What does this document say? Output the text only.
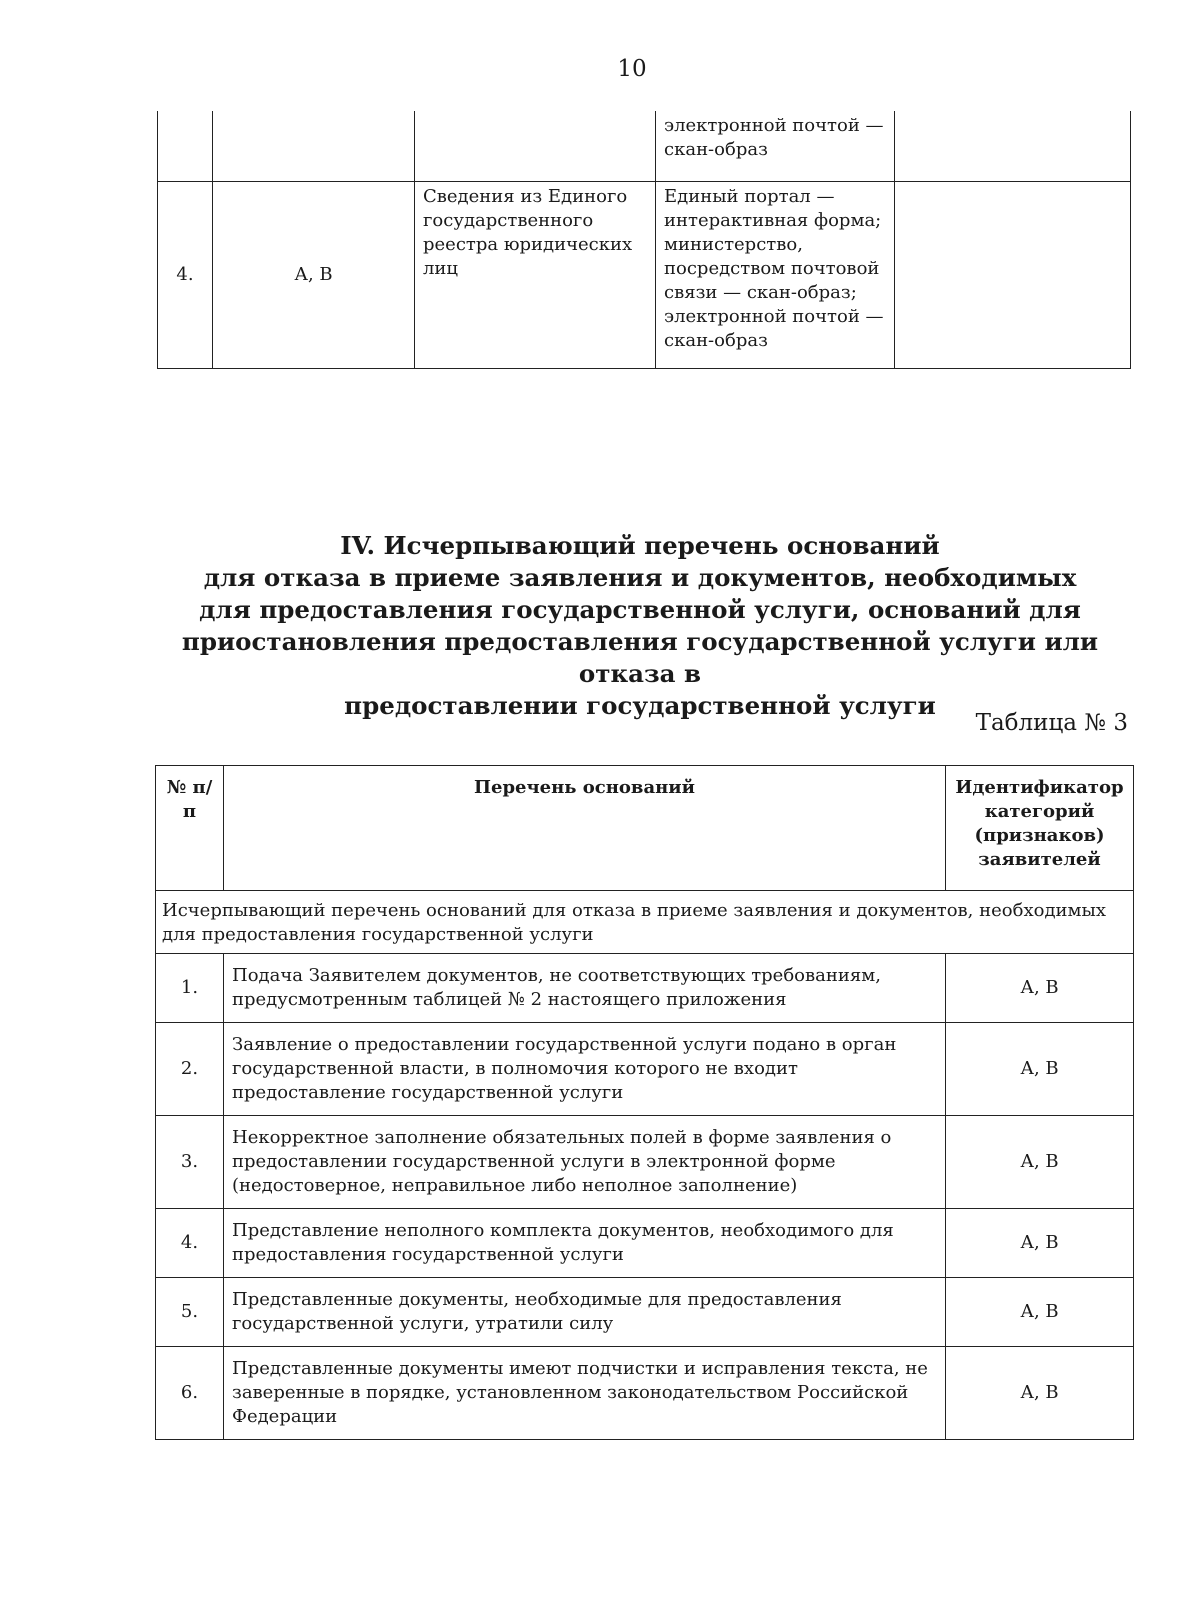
10
			электронной почтой — скан-образ	
4.	А, В	Сведения из Единого государственного реестра юридических лиц	Единый портал — интерактивная форма; министерство, посредством почтовой связи — скан-образ; электронной почтой — скан-образ	
IV. Исчерпывающий перечень оснований
для отказа в приеме заявления и документов, необходимых
для предоставления государственной услуги, оснований для
приостановления предоставления государственной услуги или отказа в
предоставлении государственной услуги
Таблица № 3
№ п/п	Перечень оснований	Идентификатор категорий (признаков) заявителей
Исчерпывающий перечень оснований для отказа в приеме заявления и документов, необходимых для предоставления государственной услуги		
1.	Подача Заявителем документов, не соответствующих требованиям, предусмотренным таблицей № 2 настоящего приложения	А, В
2.	Заявление о предоставлении государственной услуги подано в орган государственной власти, в полномочия которого не входит предоставление государственной услуги	А, В
3.	Некорректное заполнение обязательных полей в форме заявления о предоставлении государственной услуги в электронной форме (недостоверное, неправильное либо неполное заполнение)	А, В
4.	Представление неполного комплекта документов, необходимого для предоставления государственной услуги	А, В
5.	Представленные документы, необходимые для предоставления государственной услуги, утратили силу	А, В
6.	Представленные документы имеют подчистки и исправления текста, не заверенные в порядке, установленном законодательством Российской Федерации	А, В
